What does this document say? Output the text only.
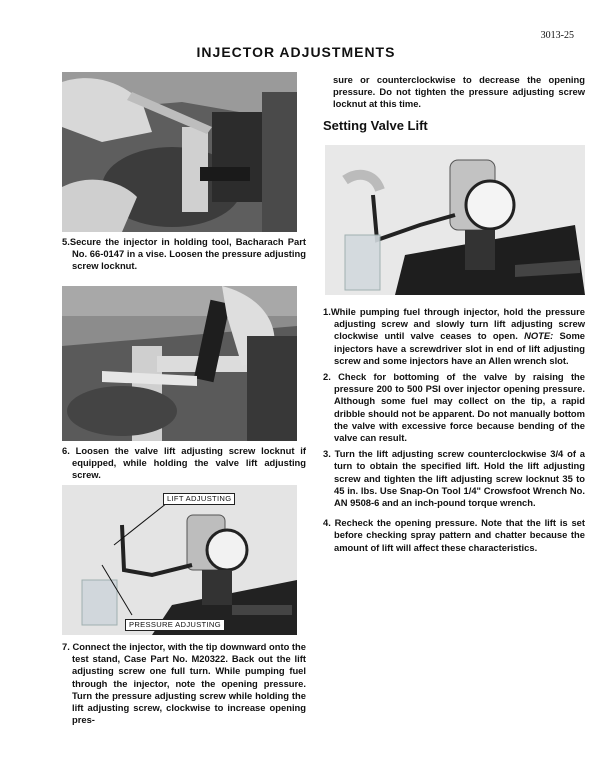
3013-25
INJECTOR ADJUSTMENTS
5.Secure the injector in holding tool, Bacharach Part No. 66-0147 in a vise. Loosen the pressure adjusting screw locknut.
6. Loosen the valve lift adjusting screw locknut if equipped, while holding the valve lift adjusting screw.
LIFT ADJUSTING
PRESSURE ADJUSTING
7. Connect the injector, with the tip downward onto the test stand, Case Part No. M20322. Back out the lift adjusting screw one full turn. While pumping fuel through the injector, note the opening pressure. Turn the pressure adjusting screw while holding the lift adjusting screw, clockwise to increase opening pres-
sure or counterclockwise to decrease the opening pressure. Do not tighten the pressure adjusting screw locknut at this time.
Setting Valve Lift
1.While pumping fuel through injector, hold the pressure adjusting screw and slowly turn lift adjusting screw clockwise until valve ceases to open. NOTE: Some injectors have a screwdriver slot in end of lift adjusting screw and some injectors have an Allen wrench slot.
2. Check for bottoming of the valve by raising the pressure 200 to 500 PSI over injector opening pressure. Although some fuel may collect on the tip, a rapid dribble should not be apparent. Do not manually bottom the valve with excessive force because bending of the valve can result.
3. Turn the lift adjusting screw counterclockwise 3/4 of a turn to obtain the specified lift. Hold the lift adjusting screw and tighten the lift adjusting screw locknut 35 to 45 in. lbs. Use Snap-On Tool 1/4" Crowsfoot Wrench No. AN 9508-6 and an inch-pound torque wrench.
4. Recheck the opening pressure. Note that the lift is set before checking spray pattern and chatter because the amount of lift will affect these characteristics.
